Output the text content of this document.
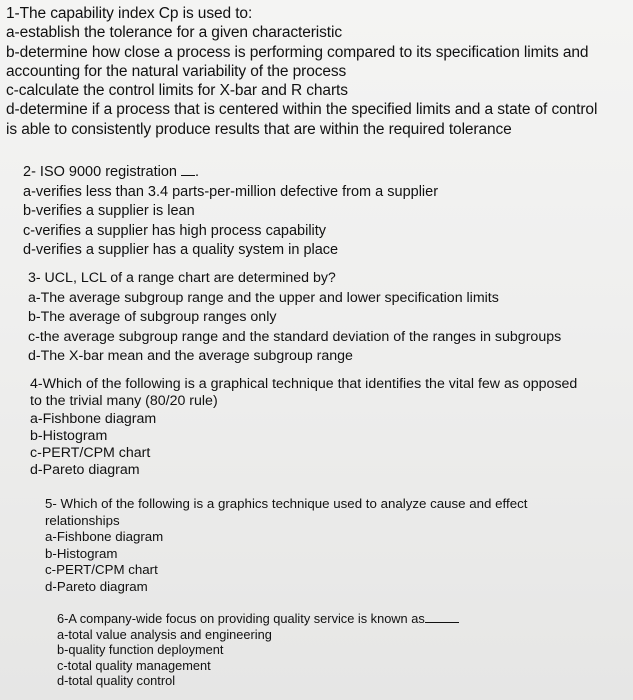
1-The capability index Cp is used to:
a-establish the tolerance for a given characteristic
b-determine how close a process is performing compared to its specification limits and
accounting for the natural variability of the process
c-calculate the control limits for X-bar and R charts
d-determine if a process that is centered within the specified limits and a state of control
is able to consistently produce results that are within the required tolerance
2- ISO 9000 registration .
a-verifies less than 3.4 parts-per-million defective from a supplier
b-verifies a supplier is lean
c-verifies a supplier has high process capability
d-verifies a supplier has a quality system in place
3- UCL, LCL of a range chart are determined by?
a-The average subgroup range and the upper and lower specification limits
b-The average of subgroup ranges only
c-the average subgroup range and the standard deviation of the ranges in subgroups
d-The X-bar mean and the average subgroup range
4-Which of the following is a graphical technique that identifies the vital few as opposed
to the trivial many (80/20 rule)
a-Fishbone diagram
b-Histogram
c-PERT/CPM chart
d-Pareto diagram
5- Which of the following is a graphics technique used to analyze cause and effect
relationships
a-Fishbone diagram
b-Histogram
c-PERT/CPM chart
d-Pareto diagram
6-A company-wide focus on providing quality service is known as
a-total value analysis and engineering
b-quality function deployment
c-total quality management
d-total quality control
